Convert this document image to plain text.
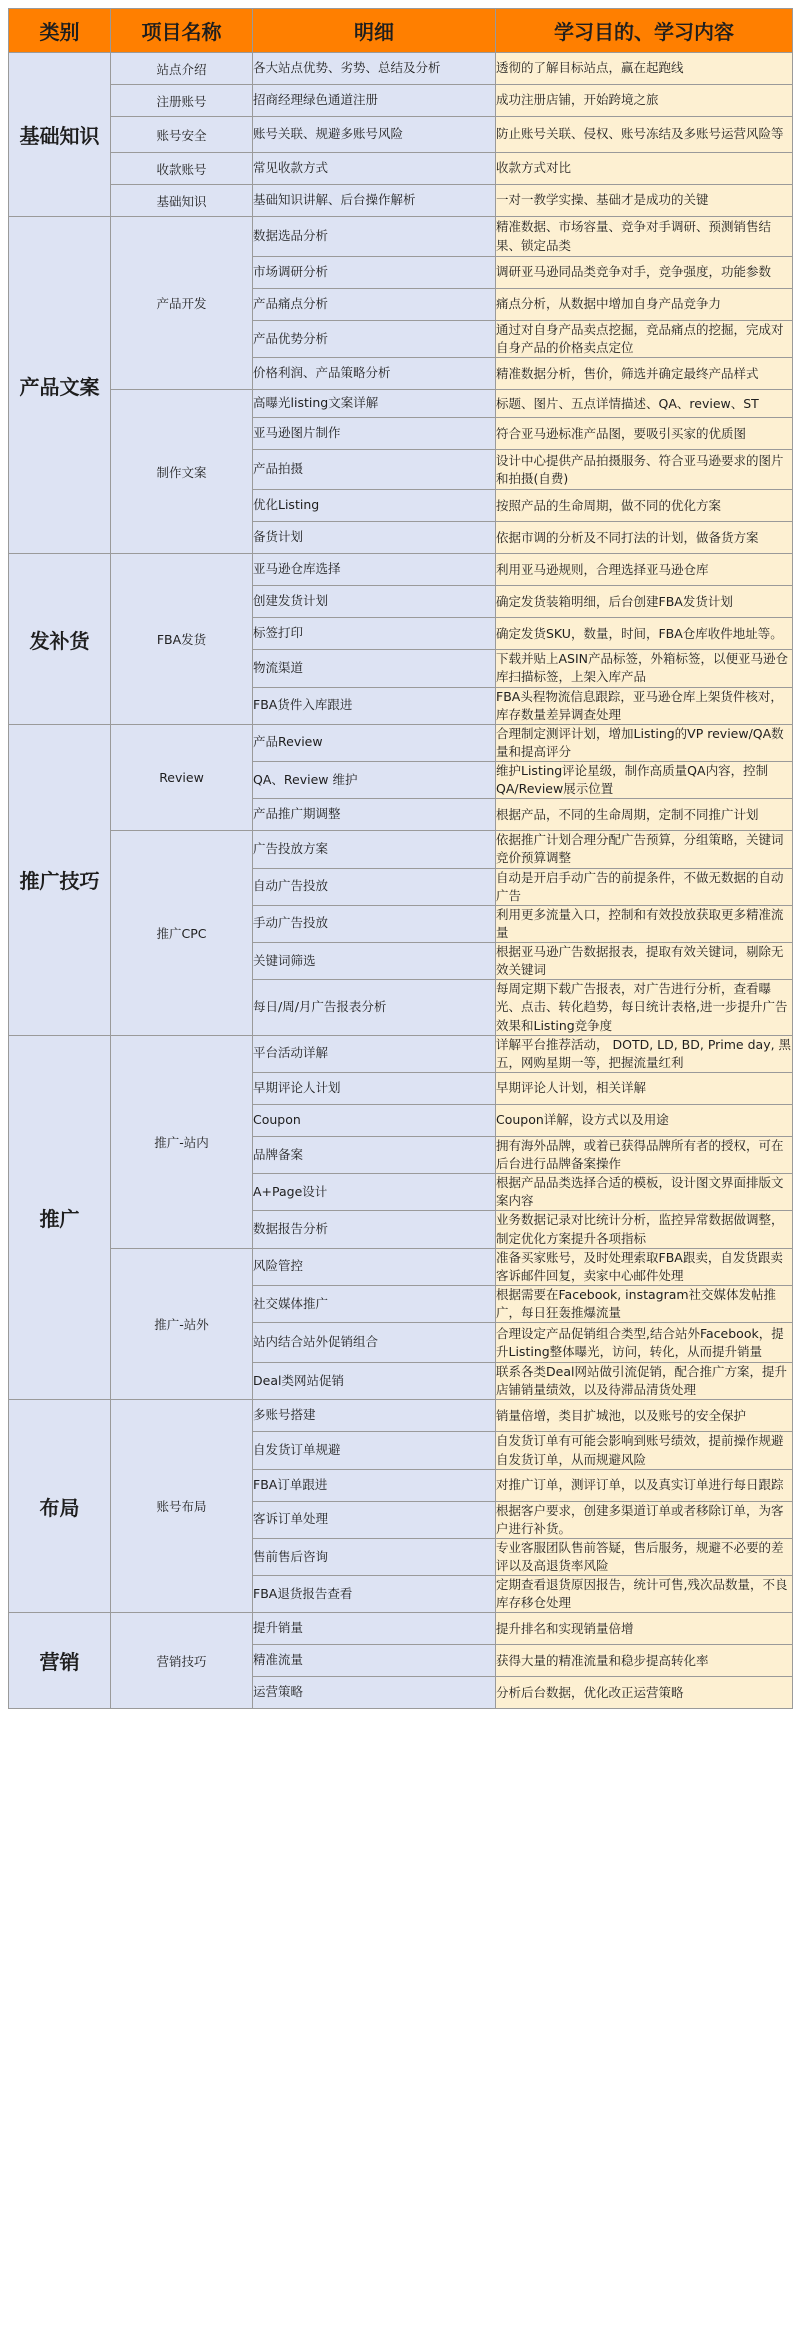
类别	项目名称	明细	学习目的、学习内容
基础知识	站点介绍	各大站点优势、劣势、总结及分析	透彻的了解目标站点，赢在起跑线
	注册账号	招商经理绿色通道注册	成功注册店铺，开始跨境之旅
	账号安全	账号关联、规避多账号风险	防止账号关联、侵权、账号冻结及多账号运营风险等
	收款账号	常见收款方式	收款方式对比
	基础知识	基础知识讲解、后台操作解析	一对一教学实操、基础才是成功的关键
产品文案	产品开发	数据选品分析	精准数据、市场容量、竞争对手调研、预测销售结果、锁定品类
		市场调研分析	调研亚马逊同品类竞争对手，竞争强度，功能参数
		产品痛点分析	痛点分析，从数据中增加自身产品竞争力
		产品优势分析	通过对自身产品卖点挖掘，竞品痛点的挖掘，完成对自身产品的价格卖点定位
		价格利润、产品策略分析	精准数据分析，售价，筛选并确定最终产品样式
	制作文案	高曝光listing文案详解	标题、图片、五点详情描述、QA、review、ST
		亚马逊图片制作	符合亚马逊标准产品图，要吸引买家的优质图
		产品拍摄	设计中心提供产品拍摄服务、符合亚马逊要求的图片和拍摄(自费)
		优化Listing	按照产品的生命周期，做不同的优化方案
		备货计划	依据市调的分析及不同打法的计划，做备货方案
发补货	FBA发货	亚马逊仓库选择	利用亚马逊规则，合理选择亚马逊仓库
		创建发货计划	确定发货装箱明细，后台创建FBA发货计划
		标签打印	确定发货SKU，数量，时间，FBA仓库收件地址等。
		物流渠道	下载并贴上ASIN产品标签，外箱标签，以便亚马逊仓库扫描标签，上架入库产品
		FBA货件入库跟进	FBA头程物流信息跟踪，亚马逊仓库上架货件核对，库存数量差异调查处理
推广技巧	Review	产品Review	合理制定测评计划，增加Listing的VP review/QA数量和提高评分
		QA、Review 维护	维护Listing评论星级，制作高质量QA内容，控制 QA/Review展示位置
		产品推广期调整	根据产品，不同的生命周期，定制不同推广计划
	推广CPC	广告投放方案	依据推广计划合理分配广告预算，分组策略，关键词竞价预算调整
		自动广告投放	自动是开启手动广告的前提条件，不做无数据的自动广告
		手动广告投放	利用更多流量入口，控制和有效投放获取更多精准流量
		关键词筛选	根据亚马逊广告数据报表，提取有效关键词，剔除无效关键词
		每日/周/月广告报表分析	每周定期下载广告报表，对广告进行分析，查看曝光、点击、转化趋势，每日统计表格,进一步提升广告效果和Listing竞争度
推广	推广-站内	平台活动详解	详解平台推荐活动， DOTD, LD, BD, Prime day, 黑五，网购星期一等，把握流量红利
		早期评论人计划	早期评论人计划，相关详解
		Coupon	Coupon详解，设方式以及用途
		品牌备案	拥有海外品牌，或着已获得品牌所有者的授权，可在后台进行品牌备案操作
		A+Page设计	根据产品品类选择合适的模板，设计图文界面排版文案内容
		数据报告分析	业务数据记录对比统计分析，监控异常数据做调整，制定优化方案提升各项指标
	推广-站外	风险管控	准备买家账号，及时处理索取FBA跟卖，自发货跟卖客诉邮件回复，卖家中心邮件处理
		社交媒体推广	根据需要在Facebook, instagram社交媒体发帖推广，每日狂轰推爆流量
		站内结合站外促销组合	合理设定产品促销组合类型,结合站外Facebook，提升Listing整体曝光，访问，转化，从而提升销量
		Deal类网站促销	联系各类Deal网站做引流促销，配合推广方案，提升店铺销量绩效，以及待滞品清货处理
布局	账号布局	多账号搭建	销量倍增，类目扩城池，以及账号的安全保护
		自发货订单规避	自发货订单有可能会影响到账号绩效，提前操作规避自发货订单，从而规避风险
		FBA订单跟进	对推广订单，测评订单，以及真实订单进行每日跟踪
		客诉订单处理	根据客户要求，创建多渠道订单或者移除订单，为客户进行补货。
		售前售后咨询	专业客服团队售前答疑，售后服务，规避不必要的差评以及高退货率风险
		FBA退货报告查看	定期查看退货原因报告，统计可售,残次品数量，不良库存移仓处理
营销	营销技巧	提升销量	提升排名和实现销量倍增
		精准流量	获得大量的精准流量和稳步提高转化率
		运营策略	分析后台数据，优化改正运营策略
